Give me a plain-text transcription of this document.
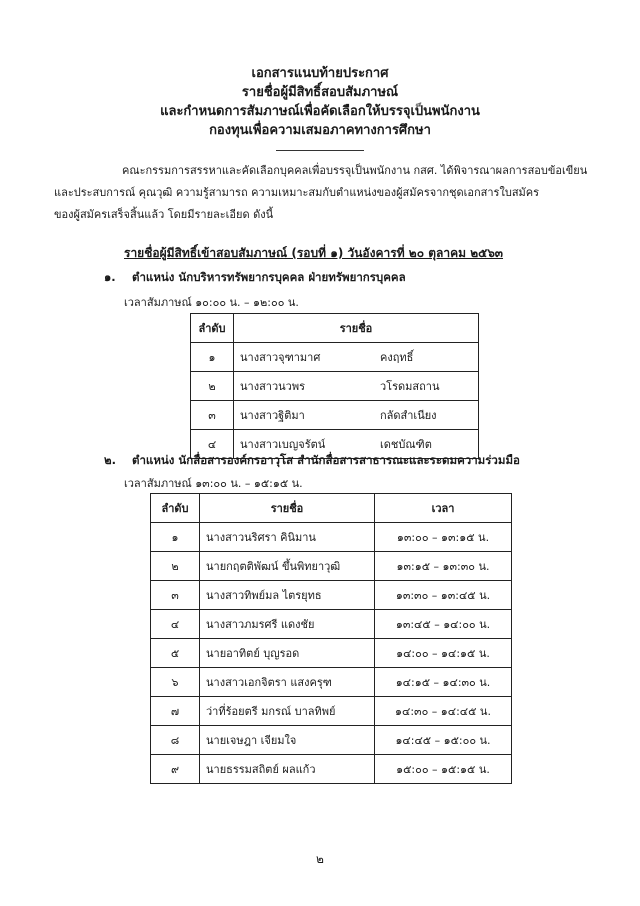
เอกสารแนบท้ายประกาศ
รายชื่อผู้มีสิทธิ์สอบสัมภาษณ์
และกำหนดการสัมภาษณ์เพื่อคัดเลือกให้บรรจุเป็นพนักงาน
กองทุนเพื่อความเสมอภาคทางการศึกษา
คณะกรรมการสรรหาและคัดเลือกบุคคลเพื่อบรรจุเป็นพนักงาน กสศ. ได้พิจารณาผลการสอบข้อเขียน
และประสบการณ์ คุณวุฒิ ความรู้สามารถ ความเหมาะสมกับตำแหน่งของผู้สมัครจากชุดเอกสารใบสมัคร
ของผู้สมัครเสร็จสิ้นแล้ว โดยมีรายละเอียด ดังนี้
รายชื่อผู้มีสิทธิ์เข้าสอบสัมภาษณ์ (รอบที่ ๑) วันอังคารที่ ๒๐ ตุลาคม ๒๕๖๓
๑. ตำแหน่ง นักบริหารทรัพยากรบุคคล ฝ่ายทรัพยากรบุคคล
เวลาสัมภาษณ์ ๑๐:๐๐ น. – ๑๒:๐๐ น.
ลำดับ	รายชื่อ
๑	นางสาวจุฑามาศ คงฤทธิ์
๒	นางสาวนวพร วโรดมสถาน
๓	นางสาวฐิติมา กลัดสำเนียง
๔	นางสาวเบญจรัตน์ เดชบัณฑิต
๒. ตำแหน่ง นักสื่อสารองค์กรอาวุโส สำนักสื่อสารสาธารณะและระดมความร่วมมือ
เวลาสัมภาษณ์ ๑๓:๐๐ น. – ๑๕:๑๕ น.
ลำดับ	รายชื่อ	เวลา
๑	นางสาวนริศรา คินิมาน	๑๓:๐๐ – ๑๓:๑๕ น.
๒	นายกฤตติพัฒน์ ขึ้นพิทยาวุฒิ	๑๓:๑๕ – ๑๓:๓๐ น.
๓	นางสาวทิพย์มล ไตรยุทธ	๑๓:๓๐ – ๑๓:๔๕ น.
๔	นางสาวภมรศรี แดงชัย	๑๓:๔๕ – ๑๔:๐๐ น.
๕	นายอาทิตย์ บุญรอด	๑๔:๐๐ – ๑๔:๑๕ น.
๖	นางสาวเอกจิตรา แสงครุฑ	๑๔:๑๕ – ๑๔:๓๐ น.
๗	ว่าที่ร้อยตรี มกรณ์ บาลทิพย์	๑๔:๓๐ – ๑๔:๔๕ น.
๘	นายเจษฎา เจียมใจ	๑๔:๔๕ – ๑๕:๐๐ น.
๙	นายธรรมสถิตย์ ผลแก้ว	๑๕:๐๐ – ๑๕:๑๕ น.
๒
